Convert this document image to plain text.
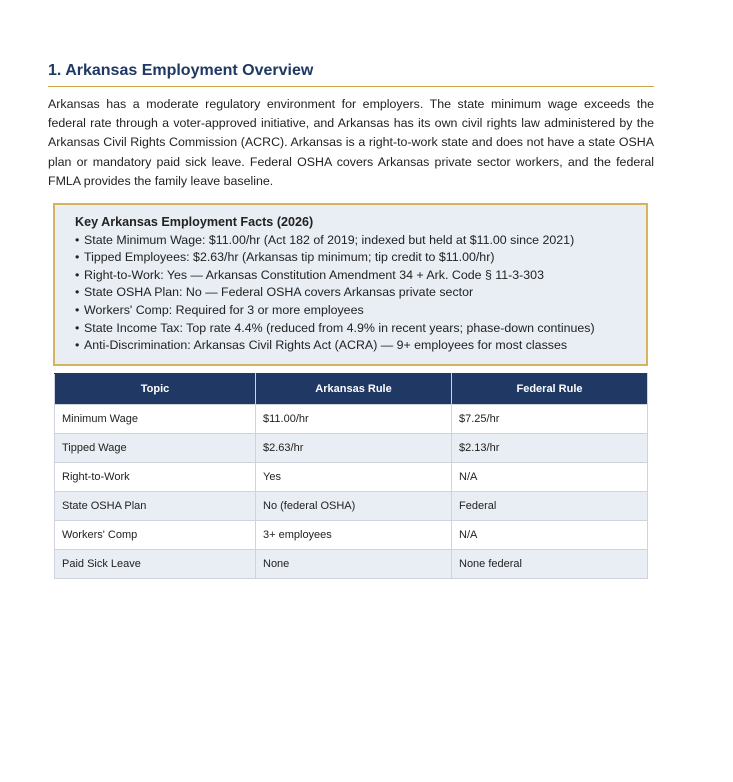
1. Arkansas Employment Overview

Arkansas has a moderate regulatory environment for employers. The state minimum wage exceeds the federal rate through a voter-approved initiative, and Arkansas has its own civil rights law administered by the Arkansas Civil Rights Commission (ACRC). Arkansas is a right-to-work state and does not have a state OSHA plan or mandatory paid sick leave. Federal OSHA covers Arkansas private sector workers, and the federal FMLA provides the family leave baseline.

Key Arkansas Employment Facts (2026)
• State Minimum Wage: $11.00/hr (Act 182 of 2019; indexed but held at $11.00 since 2021)
• Tipped Employees: $2.63/hr (Arkansas tip minimum; tip credit to $11.00/hr)
• Right-to-Work: Yes — Arkansas Constitution Amendment 34 + Ark. Code § 11-3-303
• State OSHA Plan: No — Federal OSHA covers Arkansas private sector
• Workers' Comp: Required for 3 or more employees
• State Income Tax: Top rate 4.4% (reduced from 4.9% in recent years; phase-down continues)
• Anti-Discrimination: Arkansas Civil Rights Act (ACRA) — 9+ employees for most classes
Topic	Arkansas Rule	Federal Rule
Minimum Wage	$11.00/hr	$7.25/hr
Tipped Wage	$2.63/hr	$2.13/hr
Right-to-Work	Yes	N/A
State OSHA Plan	No (federal OSHA)	Federal
Workers' Comp	3+ employees	N/A
Paid Sick Leave	None	None federal
